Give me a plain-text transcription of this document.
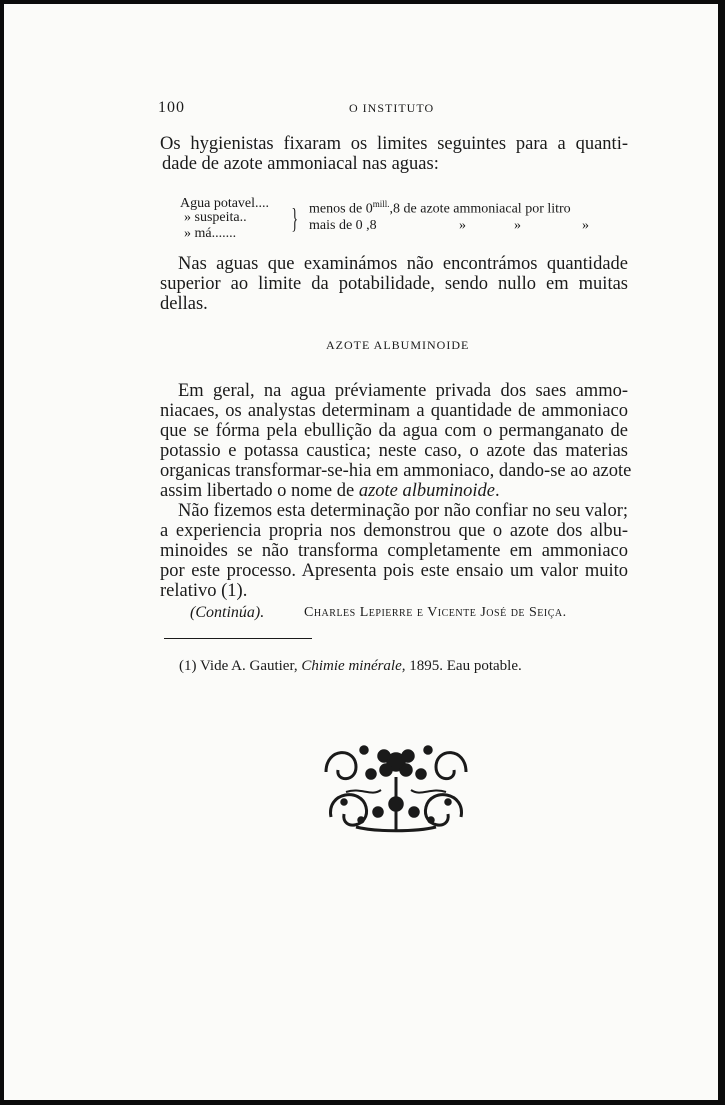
100	O INSTITUTO
Os hygienistas fixaram os limites seguintes para a quanti-
dade de azote ammoniacal nas aguas:
Agua potavel....	menos de $0^{mill.},8$ de azote ammoniacal por litro
» suspeita..
» má....... } mais de 0 ,8	»	»	»
Nas aguas que examinámos não encontrámos quantidade
superior ao limite da potabilidade, sendo nullo em muitas
dellas.
AZOTE ALBUMINOIDE
Em geral, na agua préviamente privada dos saes ammo-
niacaes, os analystas determinam a quantidade de ammoniaco
que se fórma pela ebullição da agua com o permanganato de
potassio e potassa caustica; neste caso, o azote das materias
organicas transformar-se-hia em ammoniaco, dando-se ao azote
assim libertado o nome de azote albuminoide.
Não fizemos esta determinação por não confiar no seu valor;
a experiencia propria nos demonstrou que o azote dos albu-
minoides se não transforma completamente em ammoniaco
por este processo. Apresenta pois este ensaio um valor muito
relativo (1).
(Continúa).	Charles Lepierre e Vicente José de Seiça.
(1) Vide A. Gautier, Chimie minérale, 1895. Eau potable.
